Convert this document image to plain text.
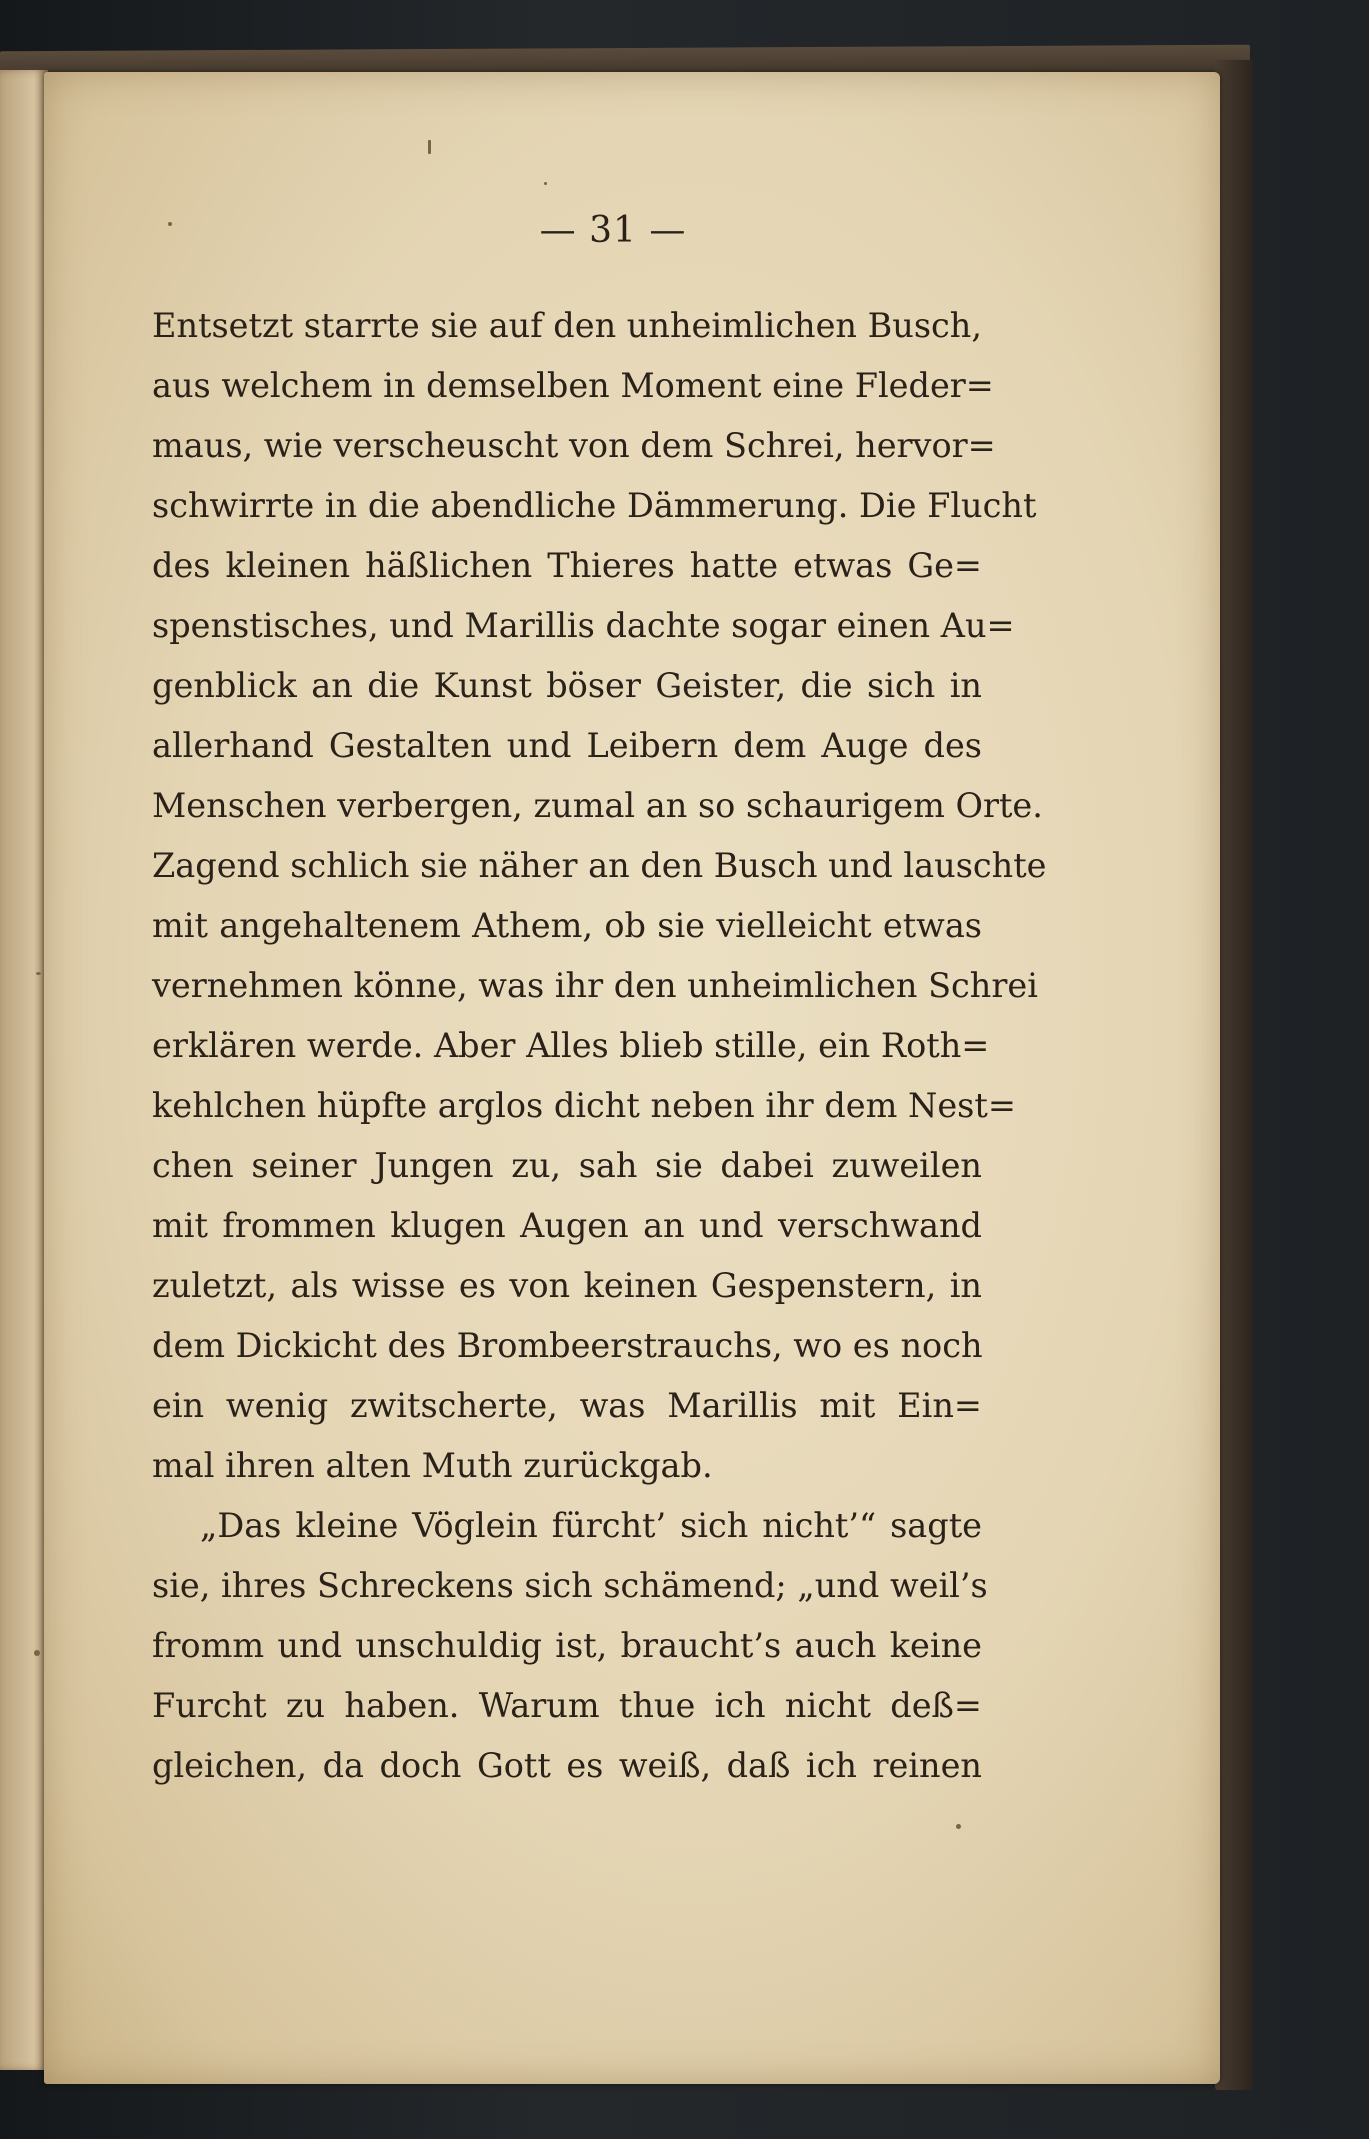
— 31 —

Entsetzt starrte sie auf den unheimlichen Busch,
aus welchem in demselben Moment eine Fleder=
maus, wie verscheuscht von dem Schrei, hervor=
schwirrte in die abendliche Dämmerung. Die Flucht
des kleinen häßlichen Thieres hatte etwas Ge=
spenstisches, und Marillis dachte sogar einen Au=
genblick an die Kunst böser Geister, die sich in
allerhand Gestalten und Leibern dem Auge des
Menschen verbergen, zumal an so schaurigem Orte.
Zagend schlich sie näher an den Busch und lauschte
mit angehaltenem Athem, ob sie vielleicht etwas
vernehmen könne, was ihr den unheimlichen Schrei
erklären werde. Aber Alles blieb stille, ein Roth=
kehlchen hüpfte arglos dicht neben ihr dem Nest=
chen seiner Jungen zu, sah sie dabei zuweilen
mit frommen klugen Augen an und verschwand
zuletzt, als wisse es von keinen Gespenstern, in
dem Dickicht des Brombeerstrauchs, wo es noch
ein wenig zwitscherte, was Marillis mit Ein=
mal ihren alten Muth zurückgab.
„Das kleine Vöglein fürcht’ sich nicht’“ sagte
sie, ihres Schreckens sich schämend; „und weil’s
fromm und unschuldig ist, braucht’s auch keine
Furcht zu haben. Warum thue ich nicht deß=
gleichen, da doch Gott es weiß, daß ich reinen
